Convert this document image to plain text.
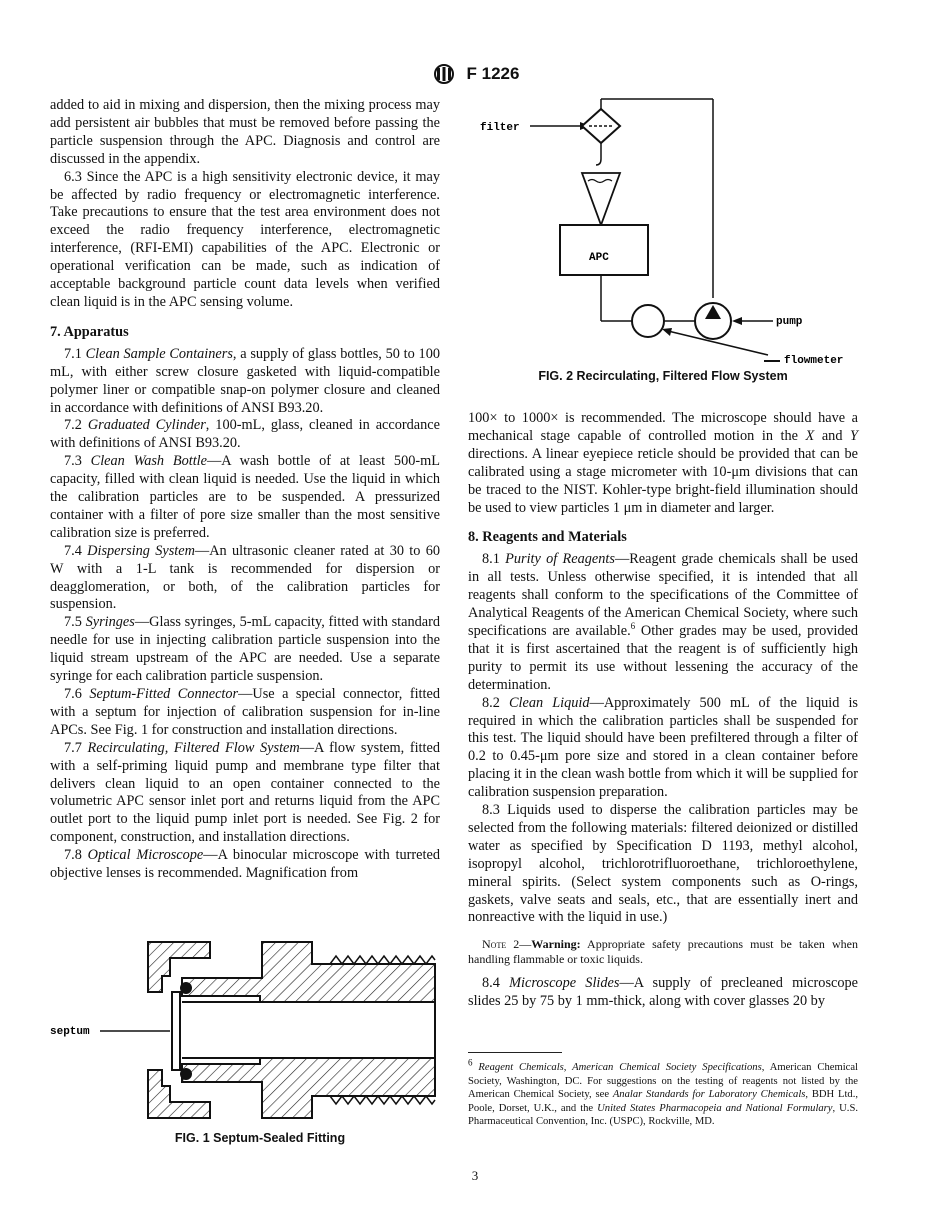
F 1226

added to aid in mixing and dispersion, then the mixing process may add persistent air bubbles that must be removed before passing the particle suspension through the APC. Diagnosis and control are discussed in the appendix.

6.3 Since the APC is a high sensitivity electronic device, it may be affected by radio frequency or electromagnetic interference. Take precautions to ensure that the test area environment does not exceed the radio frequency interference, electromagnetic interference, (RFI-EMI) capabilities of the APC. Electronic or operational verification can be made, such as indication of acceptable background particle count data levels when verified clean liquid is in the APC sensing volume.

7. Apparatus

7.1 Clean Sample Containers, a supply of glass bottles, 50 to 100 mL, with either screw closure gasketed with liquid-compatible polymer liner or compatible snap-on polymer closure and cleaned in accordance with definitions of ANSI B93.20.

7.2 Graduated Cylinder, 100-mL, glass, cleaned in accordance with definitions of ANSI B93.20.

7.3 Clean Wash Bottle—A wash bottle of at least 500-mL capacity, filled with clean liquid is needed. Use the liquid in which the calibration particles are to be suspended. A pressurized container with a filter of pore size smaller than the most sensitive calibration size is preferred.

7.4 Dispersing System—An ultrasonic cleaner rated at 30 to 60 W with a 1-L tank is recommended for dispersion or deagglomeration, or both, of the calibration particles for suspension.

7.5 Syringes—Glass syringes, 5-mL capacity, fitted with standard needle for use in injecting calibration particle suspension into the liquid stream upstream of the APC are needed. Use a separate syringe for each calibration particle suspension.

7.6 Septum-Fitted Connector—Use a special connector, fitted with a septum for injection of calibration suspension for in-line APCs. See Fig. 1 for construction and installation directions.

7.7 Recirculating, Filtered Flow System—A flow system, fitted with a self-priming liquid pump and membrane type filter that delivers clean liquid to an open container connected to the volumetric APC sensor inlet port and returns liquid from the APC outlet port to the liquid pump inlet port is needed. See Fig. 2 for component, construction, and installation directions.

7.8 Optical Microscope—A binocular microscope with turreted objective lenses is recommended. Magnification from

septum
FIG. 1 Septum-Sealed Fitting
filter
APC
pump
flowmeter
FIG. 2 Recirculating, Filtered Flow System

100× to 1000× is recommended. The microscope should have a mechanical stage capable of controlled motion in the X and Y directions. A linear eyepiece reticle should be provided that can be calibrated using a stage micrometer with 10-μm divisions that can be traced to the NIST. Kohler-type bright-field illumination should be used to view particles 1 μm in diameter and larger.

8. Reagents and Materials

8.1 Purity of Reagents—Reagent grade chemicals shall be used in all tests. Unless otherwise specified, it is intended that all reagents shall conform to the specifications of the Committee of Analytical Reagents of the American Chemical Society, where such specifications are available.$^6$ Other grades may be used, provided that it is first ascertained that the reagent is of sufficiently high purity to permit its use without lessening the accuracy of the determination.

8.2 Clean Liquid—Approximately 500 mL of the liquid is required in which the calibration particles shall be suspended for this test. The liquid should have been prefiltered through a filter of 0.2 to 0.45-μm pore size and stored in a clean container before placing it in the clean wash bottle from which it will be supplied for calibration suspension preparation.

8.3 Liquids used to disperse the calibration particles may be selected from the following materials: filtered deionized or distilled water as specified by Specification D 1193, methyl alcohol, isopropyl alcohol, trichlorotrifluoroethane, trichloroethylene, mineral spirits. (Select system components such as O-rings, gaskets, valve seats and seals, etc., that are essentially inert and nonreactive with the liquid in use.)

Note 2—Warning: Appropriate safety precautions must be taken when handling flammable or toxic liquids.

8.4 Microscope Slides—A supply of precleaned microscope slides 25 by 75 by 1 mm-thick, along with cover glasses 20 by

$^6$ Reagent Chemicals, American Chemical Society Specifications, American Chemical Society, Washington, DC. For suggestions on the testing of reagents not listed by the American Chemical Society, see Analar Standards for Laboratory Chemicals, BDH Ltd., Poole, Dorset, U.K., and the United States Pharmacopeia and National Formulary, U.S. Pharmaceutical Convention, Inc. (USPC), Rockville, MD.
3
